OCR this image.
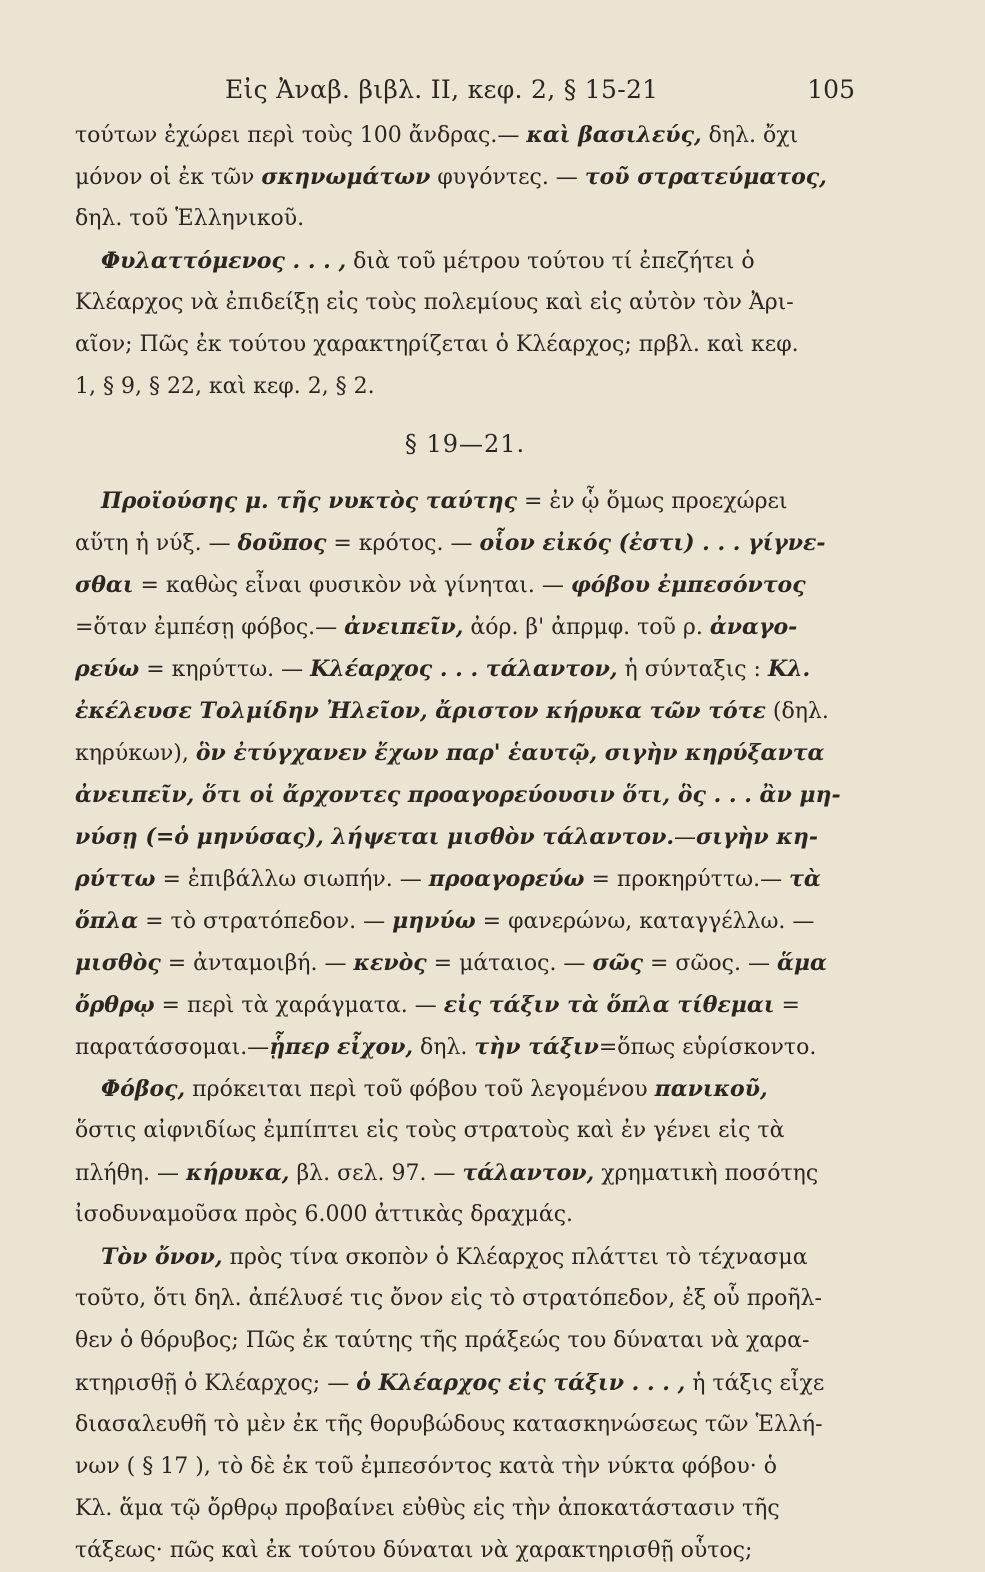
Εἰς Ἀναβ. βιβλ. II, κεφ. 2, § 15-21	105
τούτων ἐχώρει περὶ τοὺς 100 ἄνδρας.— καὶ βασιλεύς, δηλ. ὄχι
μόνον οἱ ἐκ τῶν σκηνωμάτων φυγόντες. — τοῦ στρατεύματος,
δηλ. τοῦ Ἑλληνικοῦ.
Φυλαττόμενος . . . , διὰ τοῦ μέτρου τούτου τί ἐπεζήτει ὁ
Κλέαρχος νὰ ἐπιδείξῃ εἰς τοὺς πολεμίους καὶ εἰς αὐτὸν τὸν Ἀρι-
αῖον; Πῶς ἐκ τούτου χαρακτηρίζεται ὁ Κλέαρχος; πρβλ. καὶ κεφ.
1, § 9, § 22, καὶ κεφ. 2, § 2.
§ 19—21.
Προϊούσης μ. τῆς νυκτὸς ταύτης = ἐν ᾧ ὅμως προεχώρει
αὕτη ἡ νύξ. — δοῦπος = κρότος. — οἷον εἰκός (ἐστι) . . . γίγνε-
σθαι = καθὼς εἶναι φυσικὸν νὰ γίνηται. — φόβου ἐμπεσόντος
=ὅταν ἐμπέσῃ φόβος.— ἀνειπεῖν, ἀόρ. β' ἀπρμφ. τοῦ ρ. ἀναγο-
ρεύω = κηρύττω. — Κλέαρχος . . . τάλαντον, ἡ σύνταξις : Κλ.
ἐκέλευσε Τολμίδην Ἠλεῖον, ἄριστον κήρυκα τῶν τότε (δηλ.
κηρύκων), ὃν ἐτύγχανεν ἔχων παρ' ἑαυτῷ, σιγὴν κηρύξαντα
ἀνειπεῖν, ὅτι οἱ ἄρχοντες προαγορεύουσιν ὅτι, ὃς . . . ἂν μη-
νύσῃ (=ὁ μηνύσας), λήψεται μισθὸν τάλαντον.—σιγὴν κη-
ρύττω = ἐπιβάλλω σιωπήν. — προαγορεύω = προκηρύττω.— τὰ
ὅπλα = τὸ στρατόπεδον. — μηνύω = φανερώνω, καταγγέλλω. —
μισθὸς = ἀνταμοιβή. — κενὸς = μάταιος. — σῶς = σῶος. — ἅμα
ὄρθρῳ = περὶ τὰ χαράγματα. — εἰς τάξιν τὰ ὅπλα τίθεμαι =
παρατάσσομαι.—ᾗπερ εἶχον, δηλ. τὴν τάξιν=ὅπως εὑρίσκοντο.
Φόβος, πρόκειται περὶ τοῦ φόβου τοῦ λεγομένου πανικοῦ,
ὅστις αἰφνιδίως ἐμπίπτει εἰς τοὺς στρατοὺς καὶ ἐν γένει εἰς τὰ
πλήθη. — κήρυκα, βλ. σελ. 97. — τάλαντον, χρηματικὴ ποσότης
ἰσοδυναμοῦσα πρὸς 6.000 ἀττικὰς δραχμάς.
Τὸν ὄνον, πρὸς τίνα σκοπὸν ὁ Κλέαρχος πλάττει τὸ τέχνασμα
τοῦτο, ὅτι δηλ. ἀπέλυσέ τις ὄνον εἰς τὸ στρατόπεδον, ἐξ οὗ προῆλ-
θεν ὁ θόρυβος; Πῶς ἐκ ταύτης τῆς πράξεώς του δύναται νὰ χαρα-
κτηρισθῇ ὁ Κλέαρχος; — ὁ Κλέαρχος εἰς τάξιν . . . , ἡ τάξις εἶχε
διασαλευθῆ τὸ μὲν ἐκ τῆς θορυβώδους κατασκηνώσεως τῶν Ἑλλή-
νων ( § 17 ), τὸ δὲ ἐκ τοῦ ἐμπεσόντος κατὰ τὴν νύκτα φόβου· ὁ
Κλ. ἅμα τῷ ὄρθρῳ προβαίνει εὐθὺς εἰς τὴν ἀποκατάστασιν τῆς
τάξεως· πῶς καὶ ἐκ τούτου δύναται νὰ χαρακτηρισθῇ οὗτος;
